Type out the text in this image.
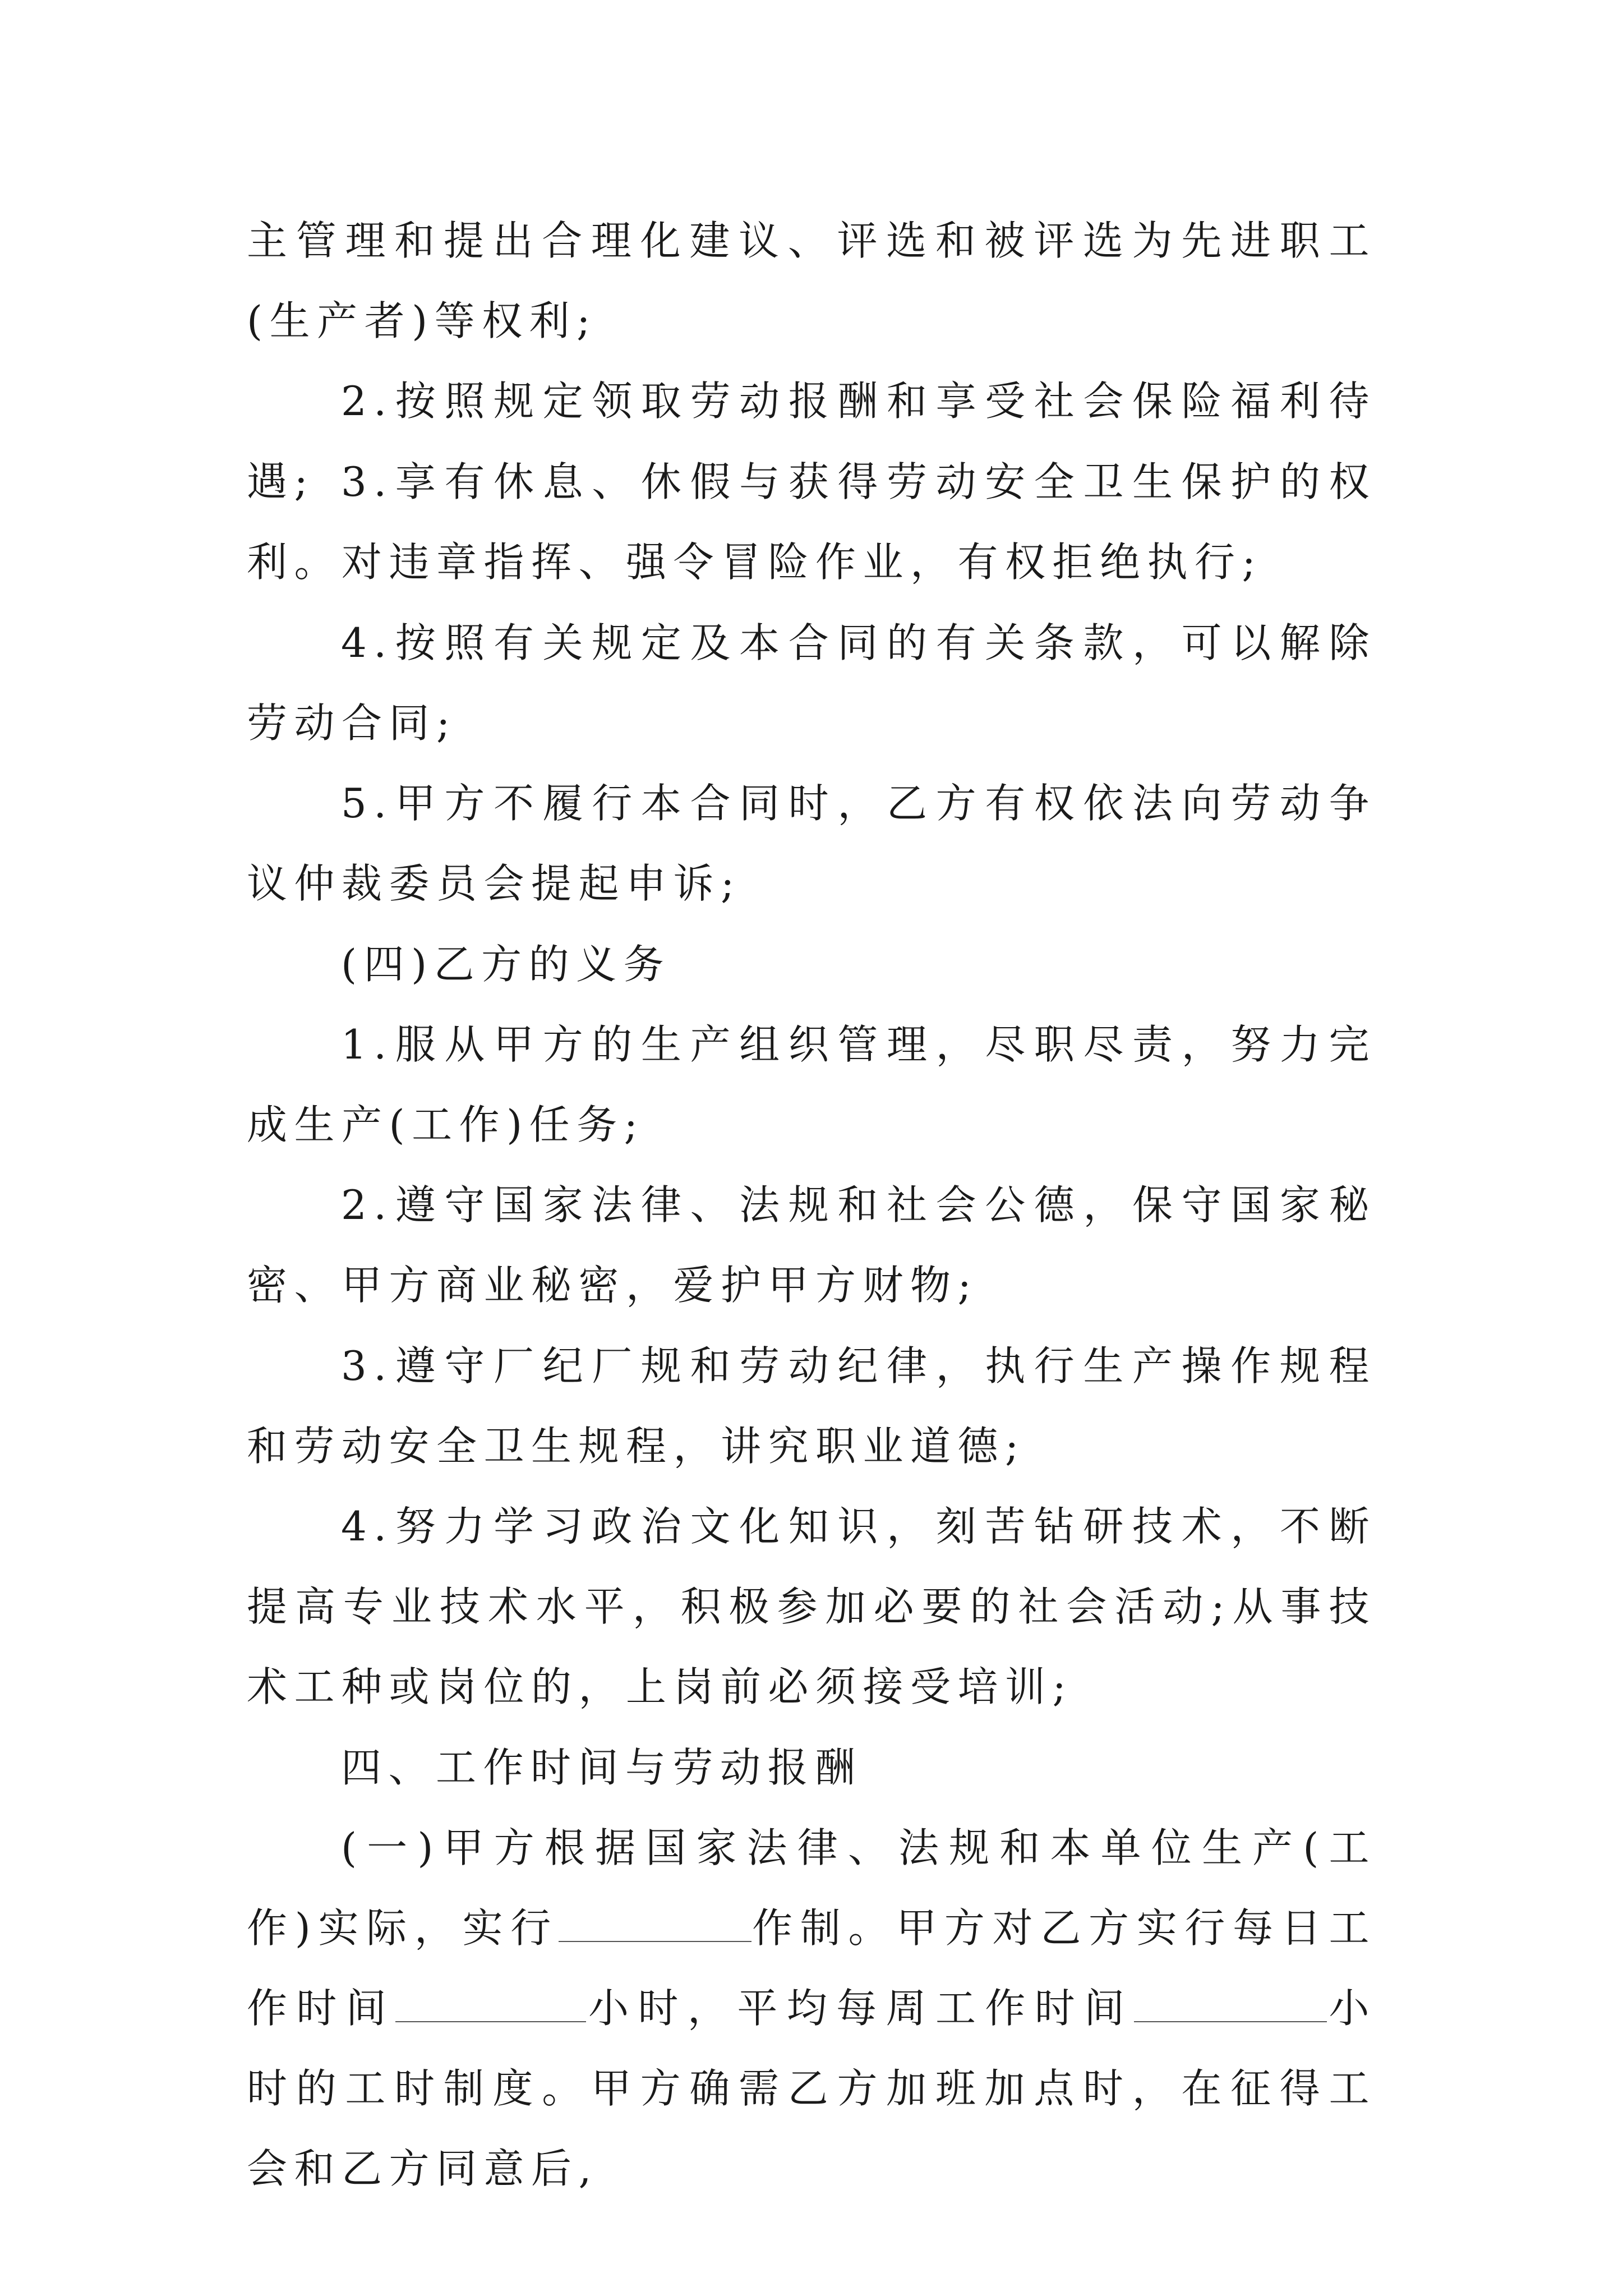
主管理和提出合理化建议、评选和被评选为先进职工(生产者)等权利;

2.按照规定领取劳动报酬和享受社会保险福利待遇; 3.享有休息、休假与获得劳动安全卫生保护的权利。对违章指挥、强令冒险作业，有权拒绝执行;

4.按照有关规定及本合同的有关条款，可以解除劳动合同;

5.甲方不履行本合同时，乙方有权依法向劳动争议仲裁委员会提起申诉;

(四)乙方的义务

1.服从甲方的生产组织管理，尽职尽责，努力完成生产(工作)任务;

2.遵守国家法律、法规和社会公德，保守国家秘密、甲方商业秘密，爱护甲方财物;

3.遵守厂纪厂规和劳动纪律，执行生产操作规程和劳动安全卫生规程，讲究职业道德;

4.努力学习政治文化知识，刻苦钻研技术，不断提高专业技术水平，积极参加必要的社会活动;从事技术工种或岗位的，上岗前必须接受培训;

四、工作时间与劳动报酬

(一)甲方根据国家法律、法规和本单位生产(工作)实际，实行	作制。甲方对乙方实行每日工作时间	小时，平均每周工作时间	小时的工时制度。甲方确需乙方加班加点时，在征得工会和乙方同意后,
